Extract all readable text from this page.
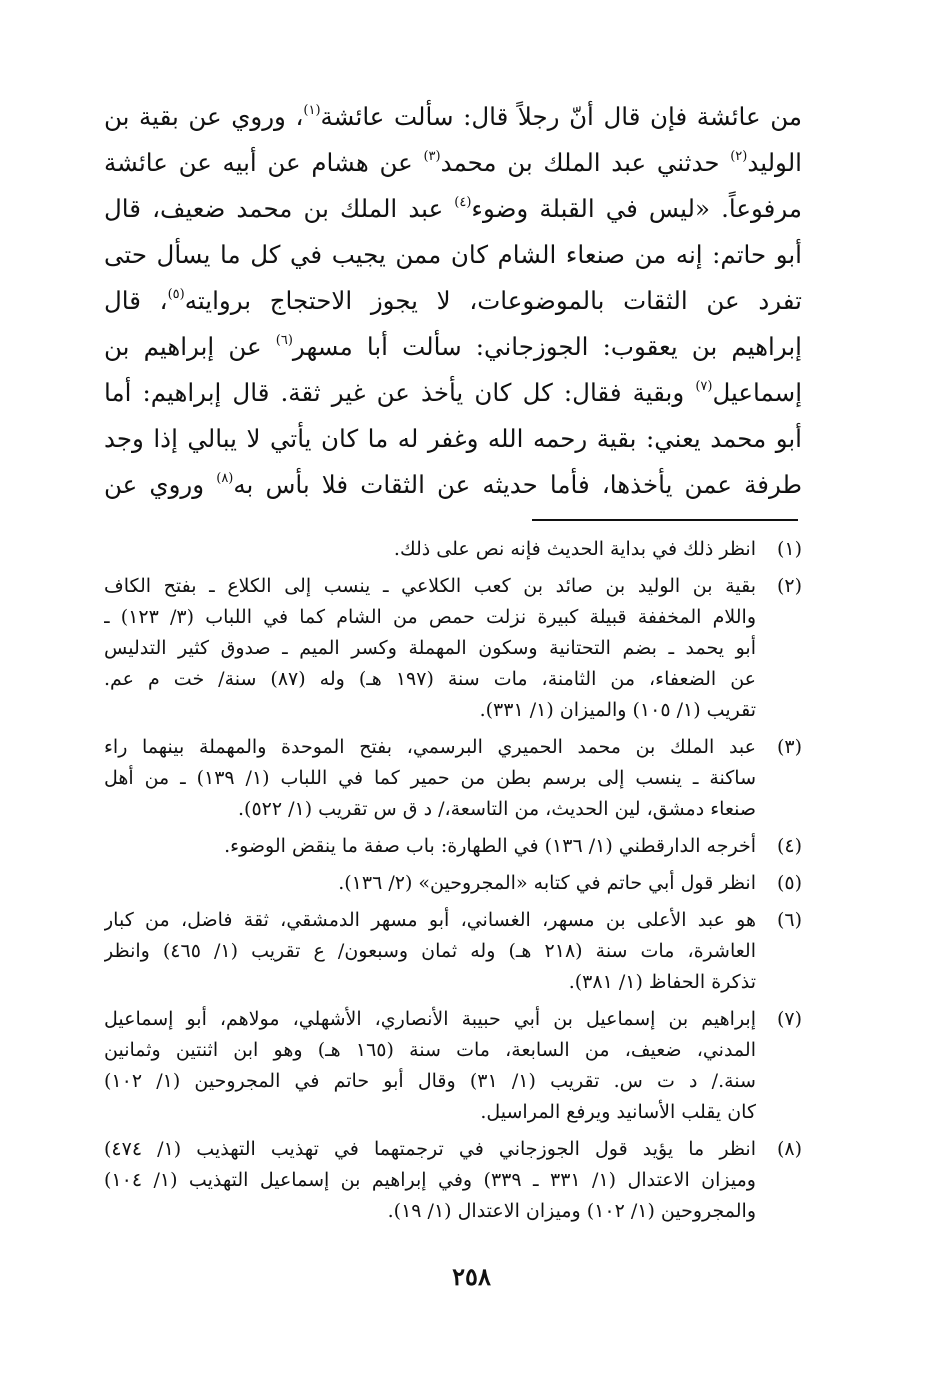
من عائشة فإن قال أنّ رجلاً قال: سألت عائشة$^{(١)}$، وروي عن بقية بن
الوليد$^{(٢)}$ حدثني عبد الملك بن محمد$^{(٣)}$ عن هشام عن أبيه عن عائشة
مرفوعاً. «ليس في القبلة وضوء$^{(٤)}$ عبد الملك بن محمد ضعيف، قال
أبو حاتم: إنه من صنعاء الشام كان ممن يجيب في كل ما يسأل حتى
تفرد عن الثقات بالموضوعات، لا يجوز الاحتجاج بروايته$^{(٥)}$، قال
إبراهيم بن يعقوب: الجوزجاني: سألت أبا مسهر$^{(٦)}$ عن إبراهيم بن
إسماعيل$^{(٧)}$ وبقية فقال: كل كان يأخذ عن غير ثقة. قال إبراهيم: أما
أبو محمد يعني: بقية رحمه الله وغفر له ما كان يأتي لا يبالي إذا وجد
طرفة عمن يأخذها، فأما حديثه عن الثقات فلا بأس به$^{(٨)}$ وروي عن
(١)
انظر ذلك في بداية الحديث فإنه نص على ذلك.
(٢)
بقية بن الوليد بن صائد بن كعب الكلاعي ـ ينسب إلى الكلاع ـ بفتح الكاف
واللام المخففة قبيلة كبيرة نزلت حمص من الشام كما في اللباب (٣/ ١٢٣) ـ
أبو يحمد ـ بضم التحتانية وسكون المهملة وكسر الميم ـ صدوق كثير التدليس
عن الضعفاء، من الثامنة، مات سنة (١٩٧ هـ) وله (٨٧) سنة/ خت م عم.
تقريب (١/ ١٠٥) والميزان (١/ ٣٣١).
(٣)
عبد الملك بن محمد الحميري البرسمي، بفتح الموحدة والمهملة بينهما راء
ساكنة ـ ينسب إلى برسم بطن من حمير كما في اللباب (١/ ١٣٩) ـ من أهل
صنعاء دمشق، لين الحديث، من التاسعة،/ د ق س تقريب (١/ ٥٢٢).
(٤)
أخرجه الدارقطني (١/ ١٣٦) في الطهارة: باب صفة ما ينقض الوضوء.
(٥)
انظر قول أبي حاتم في كتابه «المجروحين» (٢/ ١٣٦).
(٦)
هو عبد الأعلى بن مسهر، الغساني، أبو مسهر الدمشقي، ثقة فاضل، من كبار
العاشرة، مات سنة (٢١٨ هـ) وله ثمان وسبعون/ ع تقريب (١/ ٤٦٥) وانظر
تذكرة الحفاظ (١/ ٣٨١).
(٧)
إبراهيم بن إسماعيل بن أبي حبيبة الأنصاري، الأشهلي، مولاهم، أبو إسماعيل
المدني، ضعيف، من السابعة، مات سنة (١٦٥ هـ) وهو ابن اثنتين وثمانين
سنة./ د ت س. تقريب (١/ ٣١) وقال أبو حاتم في المجروحين (١/ ١٠٢)
كان يقلب الأسانيد ويرفع المراسيل.
(٨)
انظر ما يؤيد قول الجوزجاني في ترجمتهما في تهذيب التهذيب (١/ ٤٧٤)
وميزان الاعتدال (١/ ٣٣١ ـ ٣٣٩) وفي إبراهيم بن إسماعيل التهذيب (١/ ١٠٤)
والمجروحين (١/ ١٠٢) وميزان الاعتدال (١/ ١٩).
٢٥٨
